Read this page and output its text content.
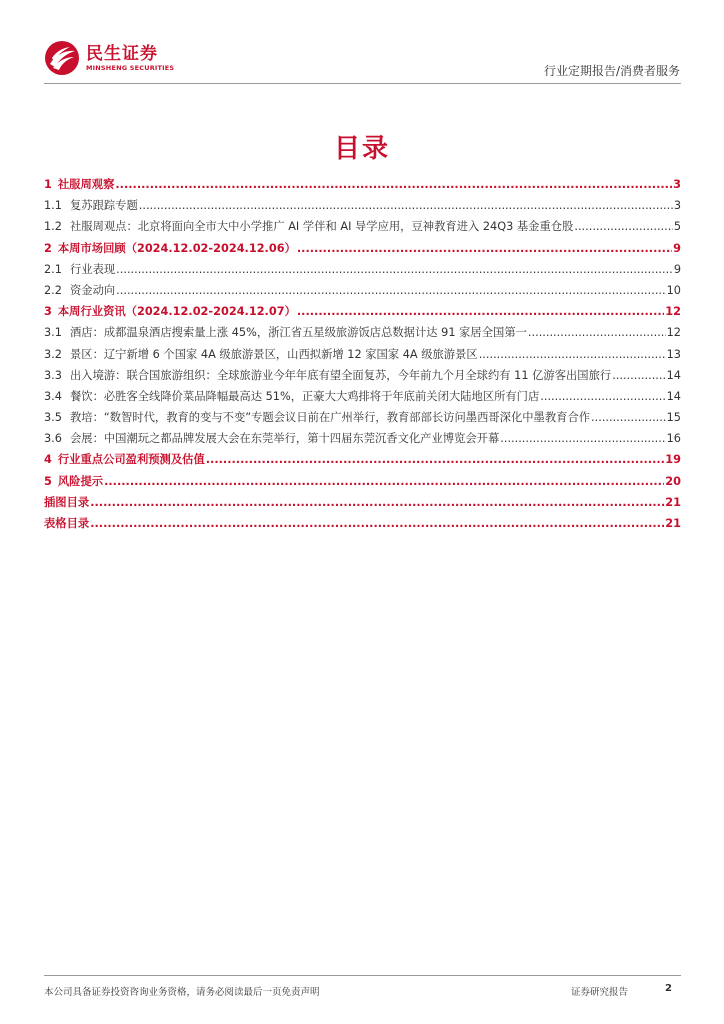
民生证券
MINSHENG SECURITIES	行业定期报告/消费者服务
目录
1 社服周观察 .....	3
1.1 复苏跟踪专题 .....	3
1.2 社服周观点：北京将面向全市大中小学推广 AI 学伴和 AI 导学应用，豆神教育进入 24Q3 基金重仓股 .....	5
2 本周市场回顾（2024.12.02-2024.12.06） .....	9
2.1 行业表现 .....	9
2.2 资金动向 .....	10
3 本周行业资讯（2024.12.02-2024.12.07） .....	12
3.1 酒店：成都温泉酒店搜索量上涨 45%，浙江省五星级旅游饭店总数据计达 91 家居全国第一 .....	12
3.2 景区：辽宁新增 6 个国家 4A 级旅游景区，山西拟新增 12 家国家 4A 级旅游景区 .....	13
3.3 出入境游：联合国旅游组织：全球旅游业今年年底有望全面复苏，今年前九个月全球约有 11 亿游客出国旅行 .....	14
3.4 餐饮：必胜客全线降价菜品降幅最高达 51%，正豪大大鸡排将于年底前关闭大陆地区所有门店 .....	14
3.5 教培：“数智时代，教育的变与不变”专题会议日前在广州举行，教育部部长访问墨西哥深化中墨教育合作 .....	15
3.6 会展：中国潮玩之都品牌发展大会在东莞举行，第十四届东莞沉香文化产业博览会开幕 .....	16
4 行业重点公司盈利预测及估值 .....	19
5 风险提示 .....	20
插图目录 .....	21
表格目录 .....	21
本公司具备证券投资咨询业务资格，请务必阅读最后一页免责声明	证券研究报告	2
